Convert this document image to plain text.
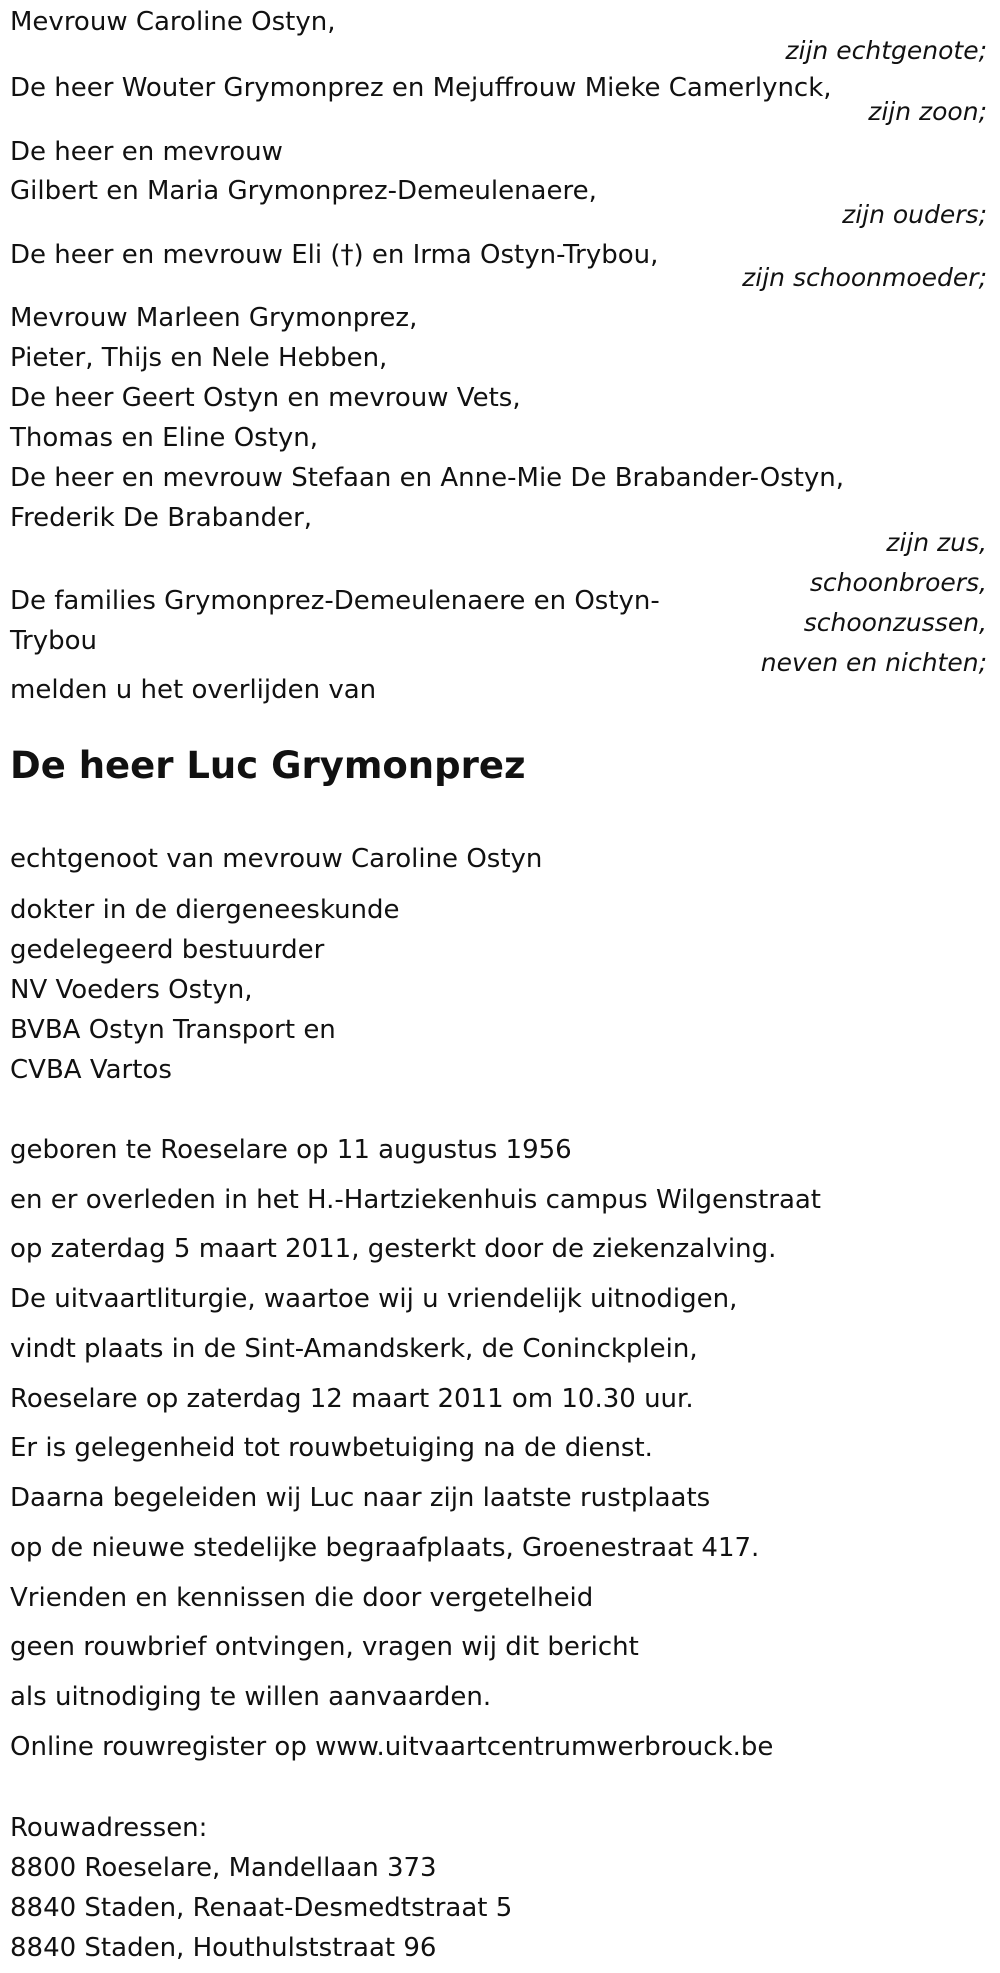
Mevrouw Caroline Ostyn,
zijn echtgenote;
De heer Wouter Grymonprez en Mejuffrouw Mieke Camerlynck,
zijn zoon;
De heer en mevrouw
Gilbert en Maria Grymonprez-Demeulenaere,
zijn ouders;
De heer en mevrouw Eli (†) en Irma Ostyn-Trybou,
zijn schoonmoeder;
Mevrouw Marleen Grymonprez,
Pieter, Thijs en Nele Hebben,
De heer Geert Ostyn en mevrouw Vets,
Thomas en Eline Ostyn,
De heer en mevrouw Stefaan en Anne-Mie De Brabander-Ostyn,
Frederik De Brabander,
zijn zus,
schoonbroers,
schoonzussen,
neven en nichten;
De families Grymonprez-Demeulenaere en Ostyn-
Trybou
melden u het overlijden van
De heer Luc Grymonprez
echtgenoot van mevrouw Caroline Ostyn
dokter in de diergeneeskunde
gedelegeerd bestuurder
NV Voeders Ostyn,
BVBA Ostyn Transport en
CVBA Vartos
geboren te Roeselare op 11 augustus 1956
en er overleden in het H.-Hartziekenhuis campus Wilgenstraat
op zaterdag 5 maart 2011, gesterkt door de ziekenzalving.
De uitvaartliturgie, waartoe wij u vriendelijk uitnodigen,
vindt plaats in de Sint-Amandskerk, de Coninckplein,
Roeselare op zaterdag 12 maart 2011 om 10.30 uur.
Er is gelegenheid tot rouwbetuiging na de dienst.
Daarna begeleiden wij Luc naar zijn laatste rustplaats
op de nieuwe stedelijke begraafplaats, Groenestraat 417.
Vrienden en kennissen die door vergetelheid
geen rouwbrief ontvingen, vragen wij dit bericht
als uitnodiging te willen aanvaarden.
Online rouwregister op www.uitvaartcentrumwerbrouck.be
Rouwadressen:
8800 Roeselare, Mandellaan 373
8840 Staden, Renaat-Desmedtstraat 5
8840 Staden, Houthulststraat 96
